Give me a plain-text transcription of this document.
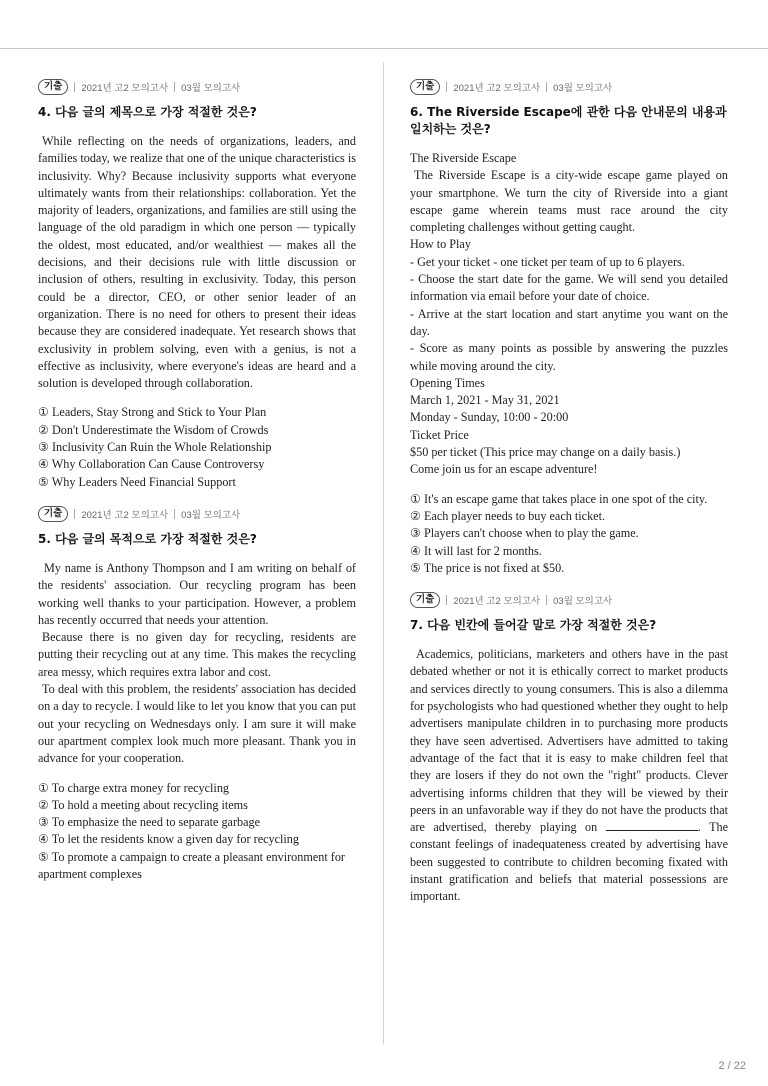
기출	2021년 고2 모의고사 03월 모의고사
4. 다음 글의 제목으로 가장 적절한 것은?

While reflecting on the needs of organizations, leaders, and families today, we realize that one of the unique characteristics is inclusivity. Why? Because inclusivity supports what everyone ultimately wants from their relationships: collaboration. Yet the majority of leaders, organizations, and families are still using the language of the old paradigm in which one person — typically the oldest, most educated, and/or wealthiest — makes all the decisions, and their decisions rule with little discussion or inclusion of others, resulting in exclusivity. Today, this person could be a director, CEO, or other senior leader of an organization. There is no need for others to present their ideas because they are considered inadequate. Yet research shows that exclusivity in problem solving, even with a genius, is not a effective as inclusivity, where everyone's ideas are heard and a solution is developed through collaboration.

① Leaders, Stay Strong and Stick to Your Plan
② Don't Underestimate the Wisdom of Crowds
③ Inclusivity Can Ruin the Whole Relationship
④ Why Collaboration Can Cause Controversy
⑤ Why Leaders Need Financial Support
기출	2021년 고2 모의고사 03월 모의고사
5. 다음 글의 목적으로 가장 적절한 것은?

My name is Anthony Thompson and I am writing on behalf of the residents' association. Our recycling program has been working well thanks to your participation. However, a problem has recently occurred that needs your attention.

Because there is no given day for recycling, residents are putting their recycling out at any time. This makes the recycling area messy, which requires extra labor and cost.

To deal with this problem, the residents' association has decided on a day to recycle. I would like to let you know that you can put out your recycling on Wednesdays only. I am sure it will make our apartment complex look much more pleasant. Thank you in advance for your cooperation.

① To charge extra money for recycling
② To hold a meeting about recycling items
③ To emphasize the need to separate garbage
④ To let the residents know a given day for recycling
⑤ To promote a campaign to create a pleasant environment for apartment complexes
기출	2021년 고2 모의고사 03월 모의고사
6. The Riverside Escape에 관한 다음 안내문의 내용과 일치하는 것은?
The Riverside Escape

The Riverside Escape is a city-wide escape game played on your smartphone. We turn the city of Riverside into a giant escape game wherein teams must race around the city completing challenges without getting caught.

How to Play
- Get your ticket - one ticket per team of up to 6 players.
- Choose the start date for the game. We will send you detailed information via email before your date of choice.
- Arrive at the start location and start anytime you want on the day.
- Score as many points as possible by answering the puzzles while moving around the city.
Opening Times
March 1, 2021 - May 31, 2021
Monday - Sunday, 10:00 - 20:00
Ticket Price
$50 per ticket (This price may change on a daily basis.)
Come join us for an escape adventure!
① It's an escape game that takes place in one spot of the city.
② Each player needs to buy each ticket.
③ Players can't choose when to play the game.
④ It will last for 2 months.
⑤ The price is not fixed at $50.
기출	2021년 고2 모의고사 03월 모의고사
7. 다음 빈칸에 들어갈 말로 가장 적절한 것은?

Academics, politicians, marketers and others have in the past debated whether or not it is ethically correct to market products and services directly to young consumers. This is also a dilemma for psychologists who had questioned whether they ought to help advertisers manipulate children in to purchasing more products they have seen advertised. Advertisers have admitted to taking advantage of the fact that it is easy to make children feel that they are losers if they do not own the "right" products. Clever advertising informs children that they will be viewed by their peers in an unfavorable way if they do not have the products that are advertised, thereby playing on	. The constant feelings of inadequateness created by advertising have been suggested to contribute to children becoming fixated with instant gratification and beliefs that material possessions are important.

2 / 22
